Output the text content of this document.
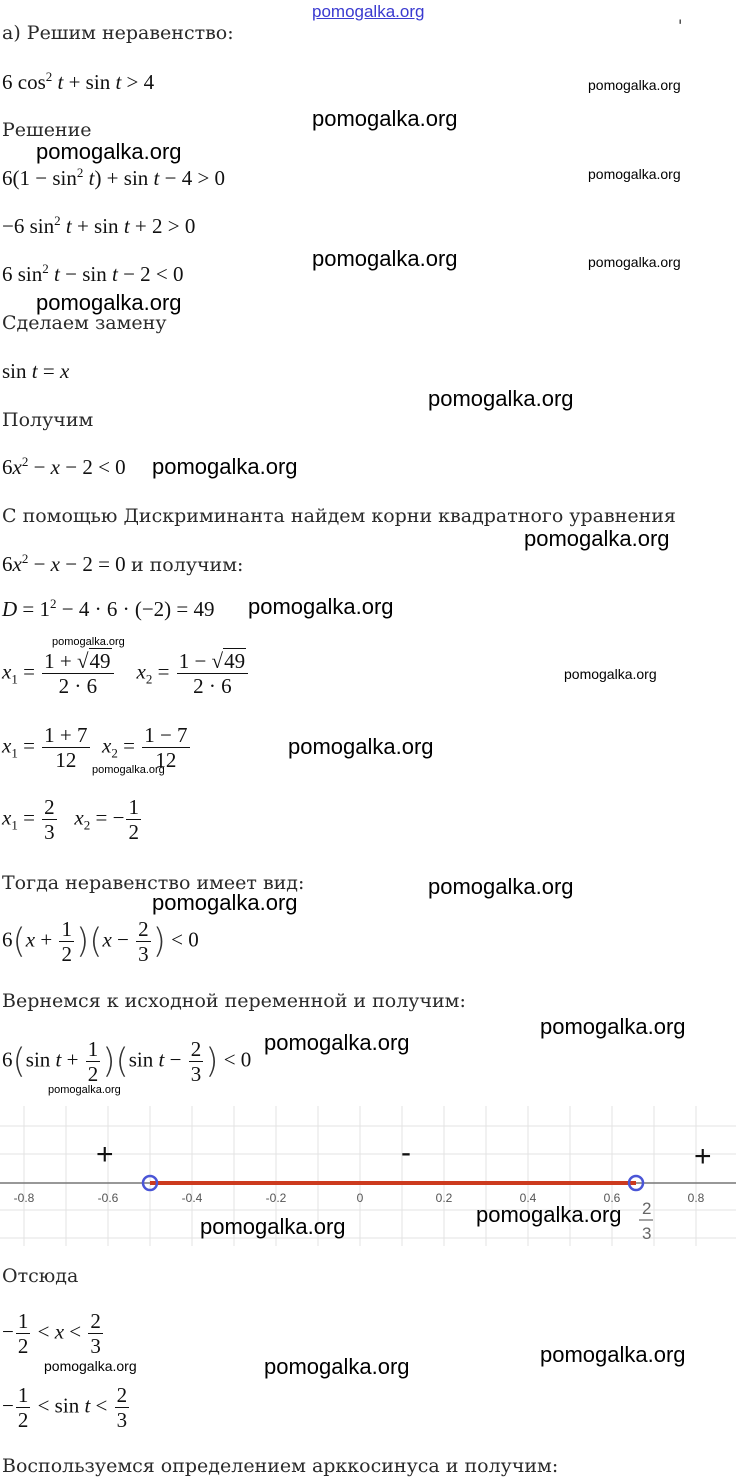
pomogalka.org
'
а) Решим неравенство:
6 $\cos^2 t + \sin t > 4$
Решение
$6(1 - \sin^2 t) + \sin t - 4 > 0$
−6 $\sin^2 t + \sin t + 2 > 0$
6 $\sin^2 t - \sin t - 2 < 0$
Сделаем замену
sin t = x
Получим
$6x^2 - x - 2 < 0$
С помощью Дискриминанта найдем корни квадратного уравнения
$6x^2 - x - 2 = 0$ и получим:
$D = 1^2 - 4 \cdot 6 \cdot (-2) = 49$
$x_1 = \frac{1 + √49}{2 \cdot 6} x_2 = \frac{1 - √49}{2 \cdot 6}$
$x_1 = \frac{1 + 7}{12} x_2 = \frac{1 - 7}{12}$
$x_1 = \frac{2}{3} x_2$ = − $\frac{1}{2}$
Тогда неравенство имеет вид:
$6(x + \frac{1}{2} )(x - \frac{2}{3}$ ) < 0
Вернемся к исходной переменной и получим:
6(sin $t + \frac{1}{2} )(\sin$ $t - \frac{2}{3}$ ) < 0
-0.8	-0.6	-0.4	-0.2	0	0.2	0.4	0.6	0.8
+	-	+
2
3
Отсюда
− $\frac{1}{2} < x < \frac{2}{3}$
− $\frac{1}{2} < \sin t < \frac{2}{3}$
Воспользуемся определением арккосинуса и получим:
pomogalka.org
pomogalka.org
pomogalka.org
pomogalka.org
pomogalka.org	pomogalka.org
pomogalka.org
pomogalka.org
pomogalka.org
pomogalka.org
pomogalka.org
pomogalka.org
pomogalka.org
pomogalka.org
pomogalka.org
pomogalka.org
pomogalka.org
pomogalka.org
pomogalka.org
pomogalka.org
pomogalka.org
pomogalka.org
pomogalka.org
pomogalka.org
pomogalka.org
